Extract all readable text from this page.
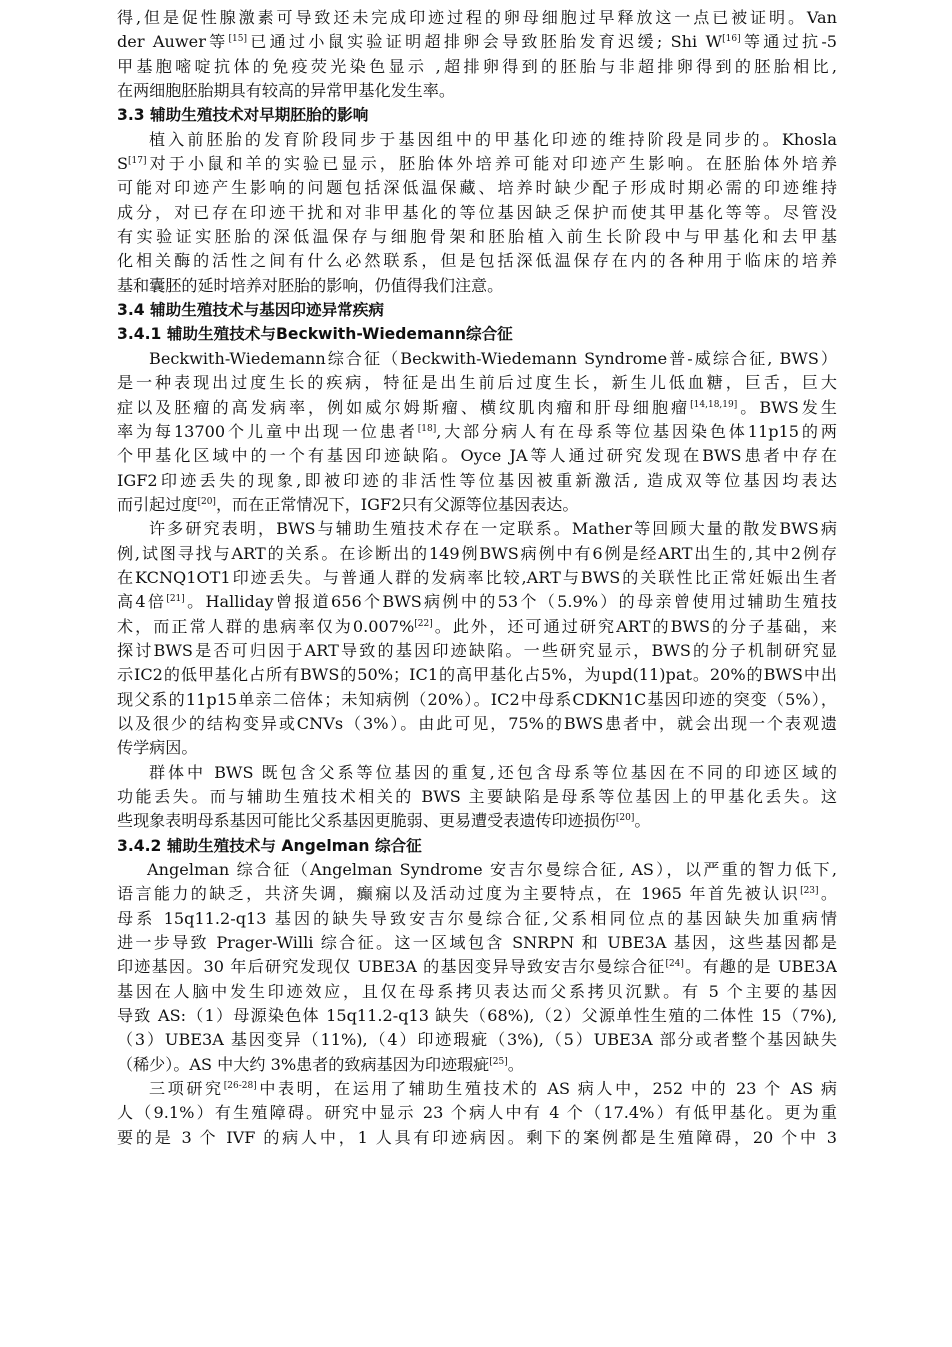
得,但是促性腺激素可导致还未完成印迹过程的卵母细胞过早释放这一点已被证明。Van
der Auwer等[15]已通过小鼠实验证明超排卵会导致胚胎发育迟缓; Shi W[16]等通过抗-5
甲基胞嘧啶抗体的免疫荧光染色显示 ,超排卵得到的胚胎与非超排卵得到的胚胎相比,
在两细胞胚胎期具有较高的异常甲基化发生率。
3.3 辅助生殖技术对早期胚胎的影响
植入前胚胎的发育阶段同步于基因组中的甲基化印迹的维持阶段是同步的。Khosla
S[17]对于小鼠和羊的实验已显示，胚胎体外培养可能对印迹产生影响。在胚胎体外培养
可能对印迹产生影响的问题包括深低温保藏、培养时缺少配子形成时期必需的印迹维持
成分，对已存在印迹干扰和对非甲基化的等位基因缺乏保护而使其甲基化等等。尽管没
有实验证实胚胎的深低温保存与细胞骨架和胚胎植入前生长阶段中与甲基化和去甲基
化相关酶的活性之间有什么必然联系，但是包括深低温保存在内的各种用于临床的培养
基和囊胚的延时培养对胚胎的影响，仍值得我们注意。
3.4 辅助生殖技术与基因印迹异常疾病
3.4.1 辅助生殖技术与Beckwith-Wiedemann综合征
Beckwith-Wiedemann综合征（Beckwith-Wiedemann Syndrome普-威综合征, BWS）
是一种表现出过度生长的疾病，特征是出生前后过度生长，新生儿低血糖，巨舌，巨大
症以及胚瘤的高发病率，例如威尔姆斯瘤、横纹肌肉瘤和肝母细胞瘤[14,18,19]。BWS发生
率为每13700个儿童中出现一位患者[18],大部分病人有在母系等位基因染色体11p15的两
个甲基化区域中的一个有基因印迹缺陷。Oyce JA等人通过研究发现在BWS患者中存在
IGF2印迹丢失的现象,即被印迹的非活性等位基因被重新激活, 造成双等位基因均表达
而引起过度[20]，而在正常情况下，IGF2只有父源等位基因表达。
许多研究表明，BWS与辅助生殖技术存在一定联系。Mather等回顾大量的散发BWS病
例,试图寻找与ART的关系。在诊断出的149例BWS病例中有6例是经ART出生的,其中2例存
在KCNQ1OT1印迹丢失。与普通人群的发病率比较,ART与BWS的关联性比正常妊娠出生者
高4倍[21]。Halliday曾报道656个BWS病例中的53个（5.9%）的母亲曾使用过辅助生殖技
术，而正常人群的患病率仅为0.007%[22]。此外，还可通过研究ART的BWS的分子基础，来
探讨BWS是否可归因于ART导致的基因印迹缺陷。一些研究显示，BWS的分子机制研究显
示IC2的低甲基化占所有BWS的50%；IC1的高甲基化占5%，为upd(11)pat。20%的BWS中出
现父系的11p15单亲二倍体；未知病例（20%）。IC2中母系CDKN1C基因印迹的突变（5%），
以及很少的结构变异或CNVs（3%）。由此可见，75%的BWS患者中，就会出现一个表观遗
传学病因。
群体中 BWS 既包含父系等位基因的重复,还包含母系等位基因在不同的印迹区域的
功能丢失。而与辅助生殖技术相关的 BWS 主要缺陷是母系等位基因上的甲基化丢失。这
些现象表明母系基因可能比父系基因更脆弱、更易遭受表遗传印迹损伤[20]。
3.4.2 辅助生殖技术与 Angelman 综合征
Angelman 综合征（Angelman Syndrome 安吉尔曼综合征, AS），以严重的智力低下,
语言能力的缺乏，共济失调，癫痫以及活动过度为主要特点，在 1965 年首先被认识[23]。
母系 15q11.2-q13 基因的缺失导致安吉尔曼综合征,父系相同位点的基因缺失加重病情
进一步导致 Prager-Willi 综合征。这一区域包含 SNRPN 和 UBE3A 基因，这些基因都是
印迹基因。30 年后研究发现仅 UBE3A 的基因变异导致安吉尔曼综合征[24]。有趣的是 UBE3A
基因在人脑中发生印迹效应，且仅在母系拷贝表达而父系拷贝沉默。有 5 个主要的基因
导致 AS:（1）母源染色体 15q11.2-q13 缺失（68%),（2）父源单性生殖的二体性 15（7%),
（3）UBE3A 基因变异（11%),（4）印迹瑕疵（3%),（5）UBE3A 部分或者整个基因缺失
（稀少）。AS 中大约 3%患者的致病基因为印迹瑕疵[25]。
三项研究[26-28]中表明，在运用了辅助生殖技术的 AS 病人中，252 中的 23 个 AS 病
人（9.1%）有生殖障碍。研究中显示 23 个病人中有 4 个（17.4%）有低甲基化。更为重
要的是 3 个 IVF 的病人中，1 人具有印迹病因。剩下的案例都是生殖障碍，20 个中 3
